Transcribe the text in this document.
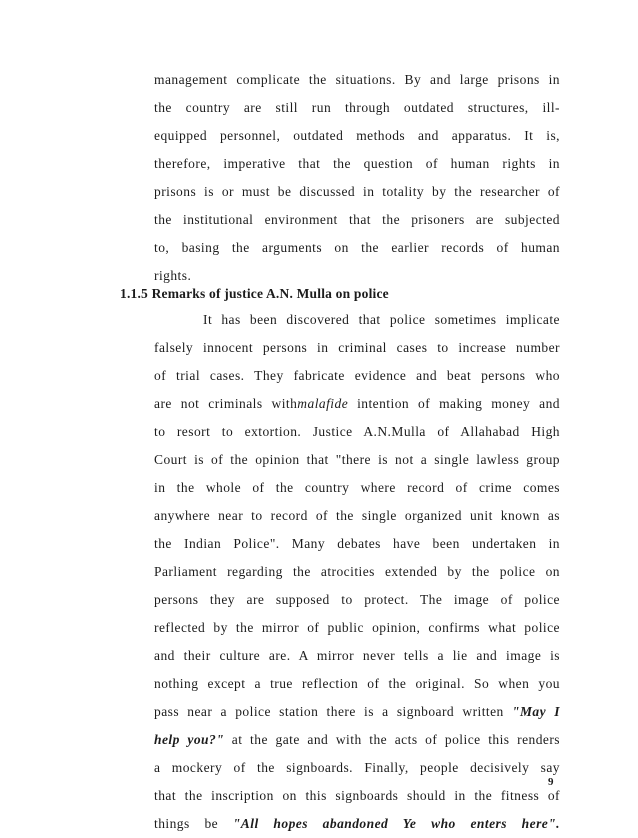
management complicate the situations. By and large prisons in
the country are still run through outdated structures, ill-
equipped personnel, outdated methods and apparatus. It is,
therefore, imperative that the question of human rights in
prisons is or must be discussed in totality by the researcher of
the institutional environment that the prisoners are subjected
to, basing the arguments on the earlier records of human
rights.
1.1.5 Remarks of justice A.N. Mulla on police
It has been discovered that police sometimes implicate
falsely innocent persons in criminal cases to increase number
of trial cases. They fabricate evidence and beat persons who
are not criminals withmalafide intention of making money and
to resort to extortion. Justice A.N.Mulla of Allahabad High
Court is of the opinion that "there is not a single lawless group
in the whole of the country where record of crime comes
anywhere near to record of the single organized unit known as
the Indian Police". Many debates have been undertaken in
Parliament regarding the atrocities extended by the police on
persons they are supposed to protect. The image of police
reflected by the mirror of public opinion, confirms what police
and their culture are. A mirror never tells a lie and image is
nothing except a true reflection of the original. So when you
pass near a police station there is a signboard written "May I
help you?" at the gate and with the acts of police this renders
a mockery of the signboards. Finally, people decisively say
that the inscription on this signboards should in the fitness of
things be "All hopes abandoned Ye who enters here".
9
